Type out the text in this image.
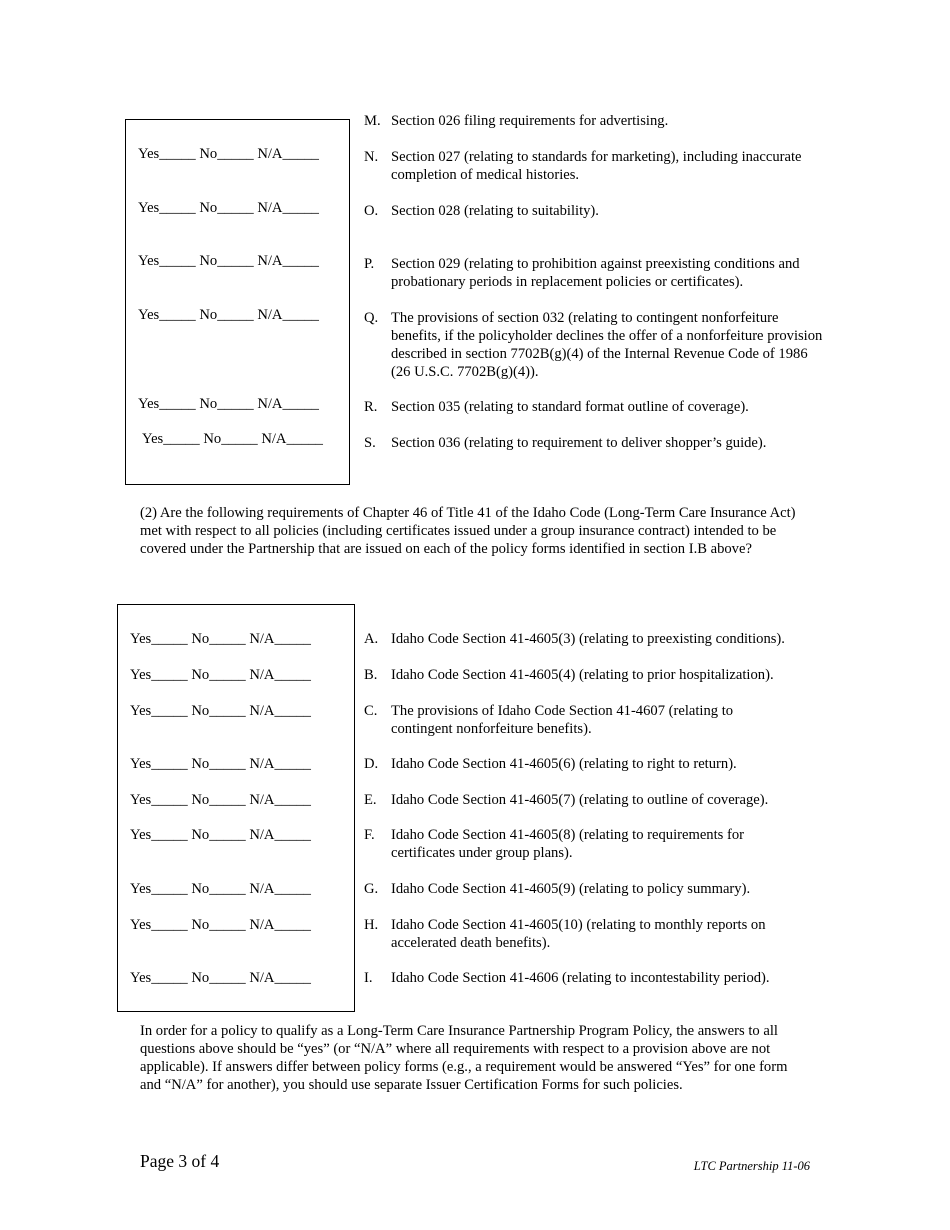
Yes_____ No_____ N/A_____
Yes_____ No_____ N/A_____
Yes_____ No_____ N/A_____
Yes_____ No_____ N/A_____
Yes_____ No_____ N/A_____
Yes_____ No_____ N/A_____
M. Section 026 filing requirements for advertising.
N. Section 027 (relating to standards for marketing), including inaccurate completion of medical histories.
O. Section 028 (relating to suitability).
P. Section 029 (relating to prohibition against preexisting conditions and probationary periods in replacement policies or certificates).
Q. The provisions of section 032 (relating to contingent nonforfeiture benefits, if the policyholder declines the offer of a nonforfeiture provision described in section 7702B(g)(4) of the Internal Revenue Code of 1986 (26 U.S.C. 7702B(g)(4)).
R. Section 035 (relating to standard format outline of coverage).
S. Section 036 (relating to requirement to deliver shopper’s guide).
(2) Are the following requirements of Chapter 46 of Title 41 of the Idaho Code (Long-Term Care Insurance Act) met with respect to all policies (including certificates issued under a group insurance contract) intended to be covered under the Partnership that are issued on each of the policy forms identified in section I.B above?
Yes_____ No_____ N/A_____
Yes_____ No_____ N/A_____
Yes_____ No_____ N/A_____
Yes_____ No_____ N/A_____
Yes_____ No_____ N/A_____
Yes_____ No_____ N/A_____
Yes_____ No_____ N/A_____
Yes_____ No_____ N/A_____
Yes_____ No_____ N/A_____
A. Idaho Code Section 41-4605(3) (relating to preexisting conditions).
B. Idaho Code Section 41-4605(4) (relating to prior hospitalization).
C. The provisions of Idaho Code Section 41-4607 (relating to contingent nonforfeiture benefits).
D. Idaho Code Section 41-4605(6) (relating to right to return).
E. Idaho Code Section 41-4605(7) (relating to outline of coverage).
F. Idaho Code Section 41-4605(8) (relating to requirements for certificates under group plans).
G. Idaho Code Section 41-4605(9) (relating to policy summary).
H. Idaho Code Section 41-4605(10) (relating to monthly reports on accelerated death benefits).
I. Idaho Code Section 41-4606 (relating to incontestability period).
In order for a policy to qualify as a Long-Term Care Insurance Partnership Program Policy, the answers to all questions above should be “yes” (or “N/A” where all requirements with respect to a provision above are not applicable). If answers differ between policy forms (e.g., a requirement would be answered “Yes” for one form and “N/A” for another), you should use separate Issuer Certification Forms for such policies.
Page 3 of 4	LTC Partnership 11-06
